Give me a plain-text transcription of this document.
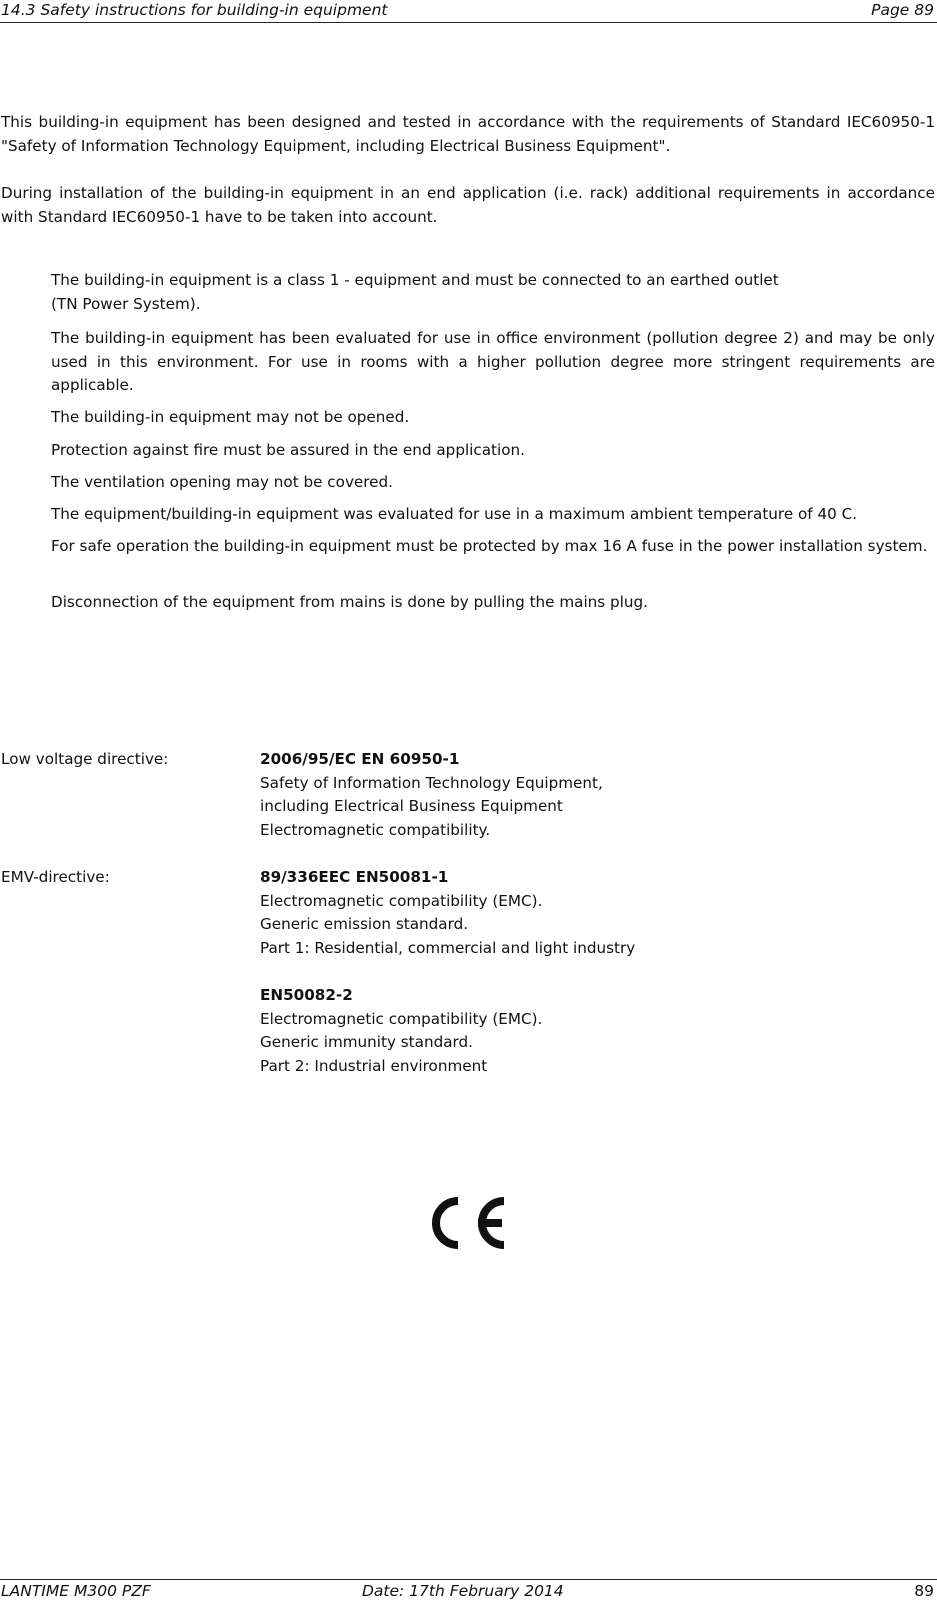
14.3 Safety instructions for building-in equipment	Page 89
This building-in equipment has been designed and tested in accordance with the requirements of Standard IEC60950-1 "Safety of Information Technology Equipment, including Electrical Business Equipment".
During installation of the building-in equipment in an end application (i.e. rack) additional requirements in accordance with Standard IEC60950-1 have to be taken into account.
The building-in equipment is a class 1 - equipment and must be connected to an earthed outlet
(TN Power System).
The building-in equipment has been evaluated for use in office environment (pollution degree 2) and may be only used in this environment. For use in rooms with a higher pollution degree more stringent requirements are applicable.
The building-in equipment may not be opened.
Protection against fire must be assured in the end application.
The ventilation opening may not be covered.
The equipment/building-in equipment was evaluated for use in a maximum ambient temperature of 40 C.
For safe operation the building-in equipment must be protected by max 16 A fuse in the power installation system.
Disconnection of the equipment from mains is done by pulling the mains plug.
Low voltage directive:	2006/95/EC EN 60950-1
Safety of Information Technology Equipment,
including Electrical Business Equipment
Electromagnetic compatibility.
EMV-directive:	89/336EEC EN50081-1
Electromagnetic compatibility (EMC).
Generic emission standard.
Part 1: Residential, commercial and light industry
EN50082-2
Electromagnetic compatibility (EMC).
Generic immunity standard.
Part 2: Industrial environment
LANTIME M300 PZF	Date: 17th February 2014	89
